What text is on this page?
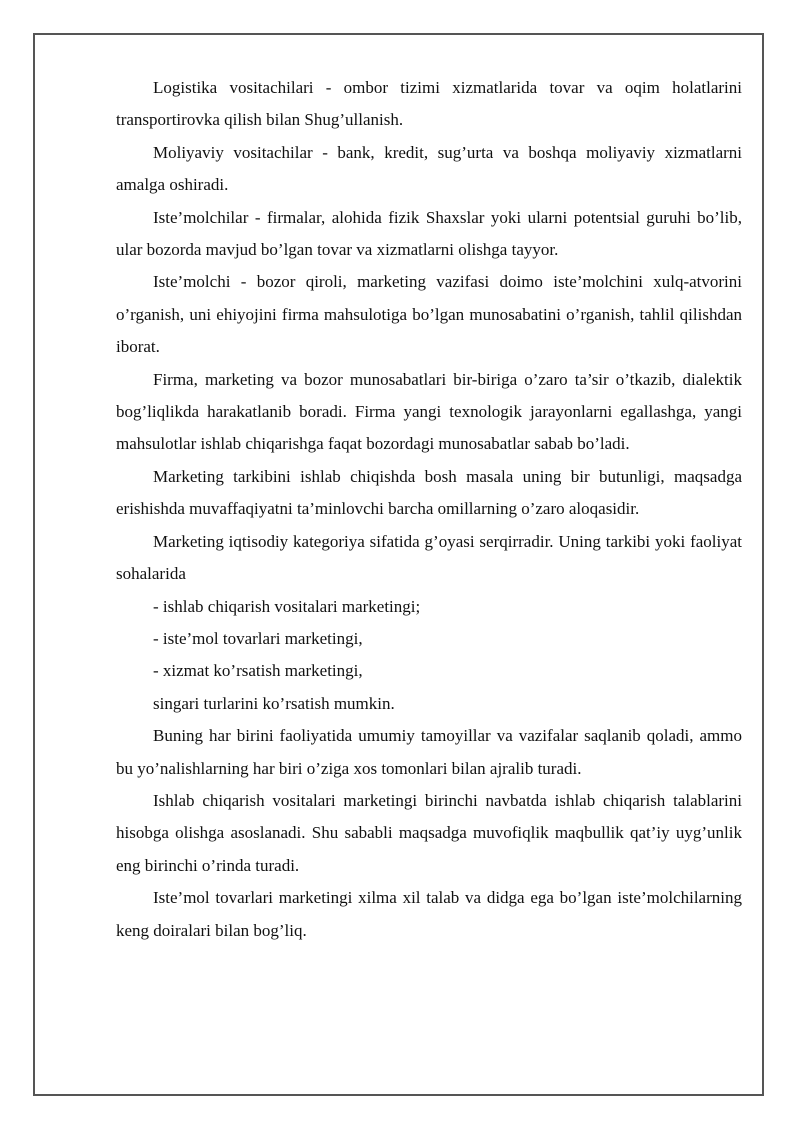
Logistika vositachilari - ombor tizimi xizmatlarida tovar va oqim holatlarini transportirovka qilish bilan Shug’ullanish.

Moliyaviy vositachilar - bank, kredit, sug’urta va boshqa moliyaviy xizmatlarni amalga oshiradi.

Iste’molchilar - firmalar, alohida fizik Shaxslar yoki ularni potentsial guruhi bo’lib, ular bozorda mavjud bo’lgan tovar va xizmatlarni olishga tayyor.

Iste’molchi - bozor qiroli, marketing vazifasi doimo iste’molchini xulq-atvorini o’rganish, uni ehiyojini firma mahsulotiga bo’lgan munosabatini o’rganish, tahlil qilishdan iborat.

Firma, marketing va bozor munosabatlari bir-biriga o’zaro ta’sir o’tkazib, dialektik bog’liqlikda harakatlanib boradi. Firma yangi texnologik jarayonlarni egallashga, yangi mahsulotlar ishlab chiqarishga faqat bozordagi munosabatlar sabab bo’ladi.

Marketing tarkibini ishlab chiqishda bosh masala uning bir butunligi, maqsadga erishishda muvaffaqiyatni ta’minlovchi barcha omillarning o’zaro aloqasidir.

Marketing iqtisodiy kategoriya sifatida g’oyasi serqirradir. Uning tarkibi yoki faoliyat sohalarida

- ishlab chiqarish vositalari marketingi;

- iste’mol tovarlari marketingi,

- xizmat ko’rsatish marketingi,

singari turlarini ko’rsatish mumkin.

Buning har birini faoliyatida umumiy tamoyillar va vazifalar saqlanib qoladi, ammo bu yo’nalishlarning har biri o’ziga xos tomonlari bilan ajralib turadi.

Ishlab chiqarish vositalari marketingi birinchi navbatda ishlab chiqarish talablarini hisobga olishga asoslanadi. Shu sababli maqsadga muvofiqlik maqbullik qat’iy uyg’unlik eng birinchi o’rinda turadi.

Iste’mol tovarlari marketingi xilma xil talab va didga ega bo’lgan iste’molchilarning keng doiralari bilan bog’liq.
